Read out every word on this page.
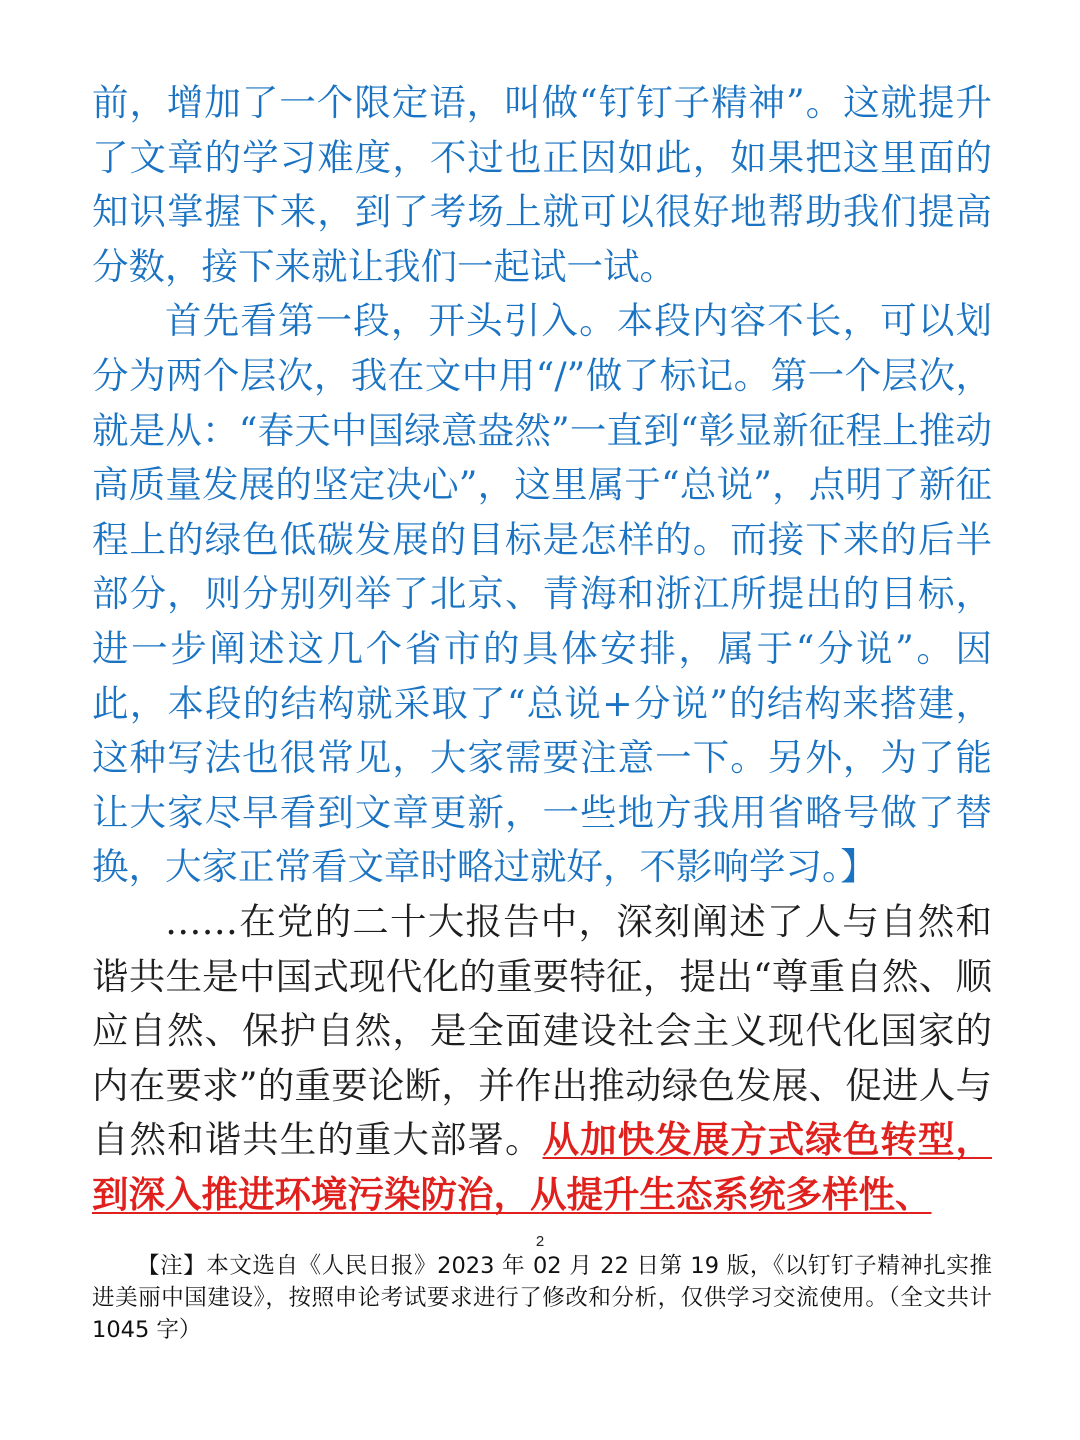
前，增加了一个限定语，叫做“钉钉子精神”。这就提升了文章的学习难度，不过也正因如此，如果把这里面的知识掌握下来，到了考场上就可以很好地帮助我们提高分数，接下来就让我们一起试一试。

首先看第一段，开头引入。本段内容不长，可以划分为两个层次，我在文中用“/”做了标记。第一个层次，就是从：“春天中国绿意盎然”一直到“彰显新征程上推动高质量发展的坚定决心”，这里属于“总说”，点明了新征程上的绿色低碳发展的目标是怎样的。而接下来的后半部分，则分别列举了北京、青海和浙江所提出的目标，进一步阐述这几个省市的具体安排，属于“分说”。因此，本段的结构就采取了“总说+分说”的结构来搭建，这种写法也很常见，大家需要注意一下。另外，为了能让大家尽早看到文章更新，一些地方我用省略号做了替换，大家正常看文章时略过就好，不影响学习。】

……在党的二十大报告中，深刻阐述了人与自然和谐共生是中国式现代化的重要特征，提出“尊重自然、顺应自然、保护自然，是全面建设社会主义现代化国家的内在要求”的重要论断，并作出推动绿色发展、促进人与自然和谐共生的重大部署。从加快发展方式绿色转型，到深入推进环境污染防治，从提升生态系统多样性、

2
【注】本文选自《人民日报》2023 年 02 月 22 日第 19 版，《以钉钉子精神扎实推进美丽中国建设》，按照申论考试要求进行了修改和分析，仅供学习交流使用。（全文共计 1045 字）
